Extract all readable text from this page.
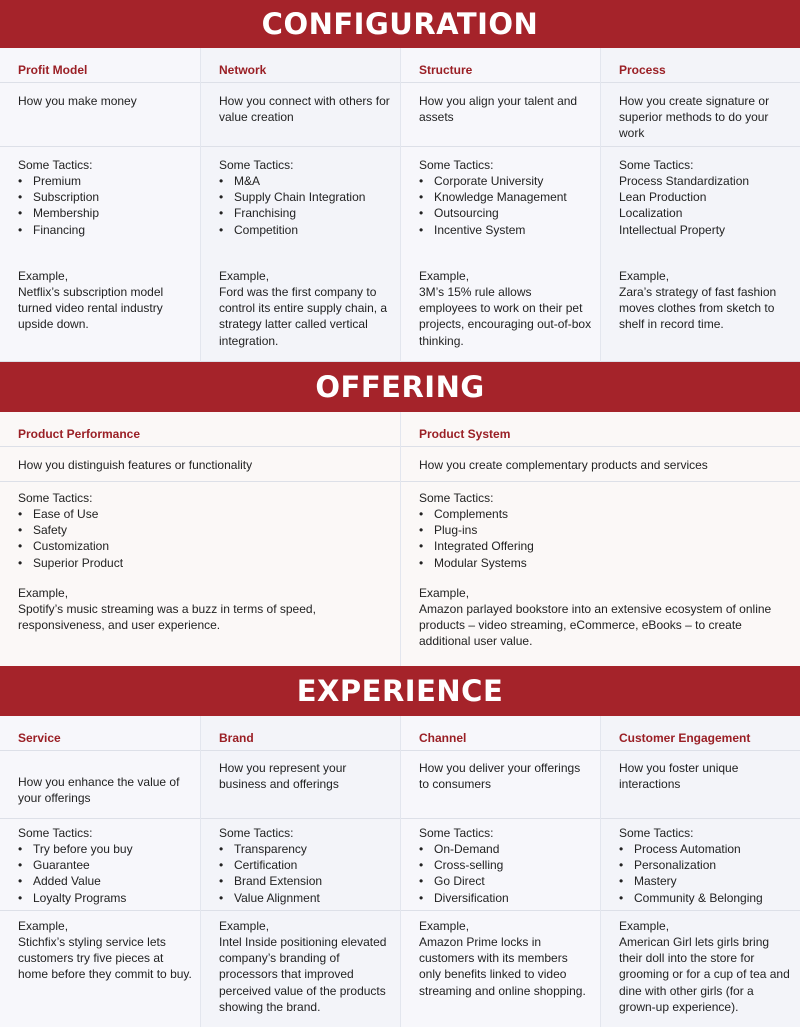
CONFIGURATION
Profit Model
How you make money
Some Tactics:
• Premium
• Subscription
• Membership
• Financing
Example,
Netflix’s subscription model turned video rental industry upside down.
Network
How you connect with others for value creation
Some Tactics:
• M&A
• Supply Chain Integration
• Franchising
• Competition
Example,
Ford was the first company to control its entire supply chain, a strategy latter called vertical integration.
Structure
How you align your talent and assets
Some Tactics:
• Corporate University
• Knowledge Management
• Outsourcing
• Incentive System
Example,
3M’s 15% rule allows employees to work on their pet projects, encouraging out-of-box thinking.
Process
How you create signature or superior methods to do your work
Some Tactics:
Process Standardization
Lean Production
Localization
Intellectual Property
Example,
Zara’s strategy of fast fashion moves clothes from sketch to shelf in record time.
OFFERING
Product Performance
How you distinguish features or functionality
Some Tactics:
• Ease of Use
• Safety
• Customization
• Superior Product
Example,
Spotify’s music streaming was a buzz in terms of speed, responsiveness, and user experience.
Product System
How you create complementary products and services
Some Tactics:
• Complements
• Plug-ins
• Integrated Offering
• Modular Systems
Example,
Amazon parlayed bookstore into an extensive ecosystem of online products – video streaming, eCommerce, eBooks – to create additional user value.
EXPERIENCE
Service
How you enhance the value of your offerings
Some Tactics:
• Try before you buy
• Guarantee
• Added Value
• Loyalty Programs
Example,
Stichfix’s styling service lets customers try five pieces at home before they commit to buy.
Brand
How you represent your business and offerings
Some Tactics:
• Transparency
• Certification
• Brand Extension
• Value Alignment
Example,
Intel Inside positioning elevated company’s branding of processors that improved perceived value of the products showing the brand.
Channel
How you deliver your offerings to consumers
Some Tactics:
• On-Demand
• Cross-selling
• Go Direct
• Diversification
Example,
Amazon Prime locks in customers with its members only benefits linked to video streaming and online shopping.
Customer Engagement
How you foster unique interactions
Some Tactics:
• Process Automation
• Personalization
• Mastery
• Community & Belonging
Example,
American Girl lets girls bring their doll into the store for grooming or for a cup of tea and dine with other girls (for a grown-up experience).
